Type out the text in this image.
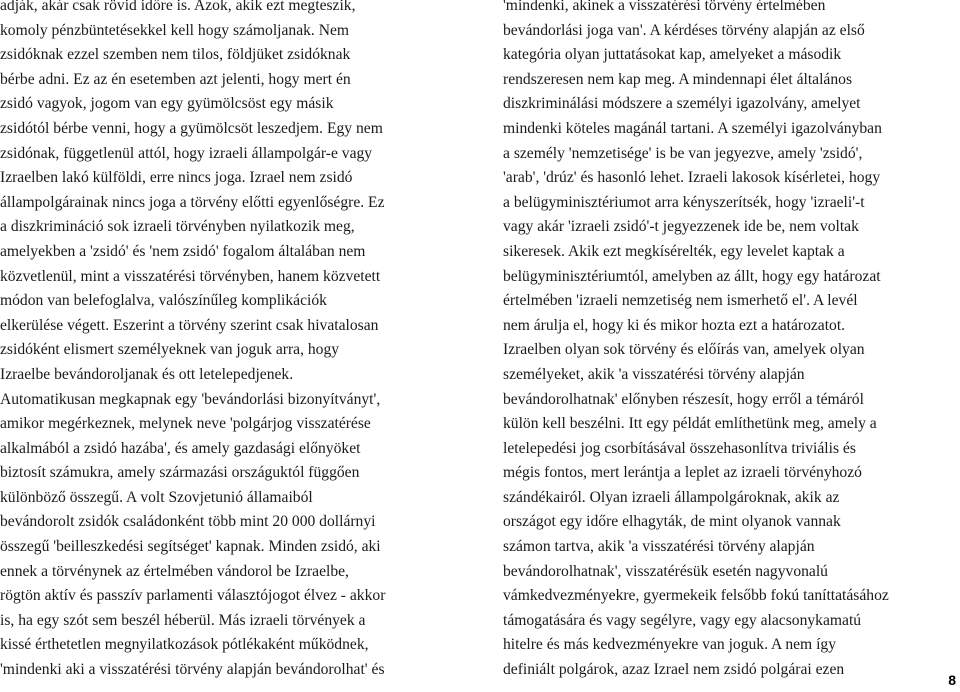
adják, akár csak rövid időre is. Azok, akik ezt megteszik,
komoly pénzbüntetésekkel kell hogy számoljanak. Nem
zsidóknak ezzel szemben nem tilos, földjüket zsidóknak
bérbe adni. Ez az én esetemben azt jelenti, hogy mert én
zsidó vagyok, jogom van egy gyümölcsöst egy másik
zsidótól bérbe venni, hogy a gyümölcsöt leszedjem. Egy nem
zsidónak, függetlenül attól, hogy izraeli állampolgár-e vagy
Izraelben lakó külföldi, erre nincs joga. Izrael nem zsidó
állampolgárainak nincs joga a törvény előtti egyenlőségre. Ez
a diszkrimináció sok izraeli törvényben nyilatkozik meg,
amelyekben a 'zsidó' és 'nem zsidó' fogalom általában nem
közvetlenül, mint a visszatérési törvényben, hanem közvetett
módon van belefoglalva, valószínűleg komplikációk
elkerülése végett. Eszerint a törvény szerint csak hivatalosan
zsidóként elismert személyeknek van joguk arra, hogy
Izraelbe bevándoroljanak és ott letelepedjenek.
Automatikusan megkapnak egy 'bevándorlási bizonyítványt',
amikor megérkeznek, melynek neve 'polgárjog visszatérése
alkalmából a zsidó hazába', és amely gazdasági előnyöket
biztosít számukra, amely származási országuktól függően
különböző összegű. A volt Szovjetunió államaiból
bevándorolt zsidók családonként több mint 20 000 dollárnyi
összegű 'beilleszkedési segítséget' kapnak. Minden zsidó, aki
ennek a törvénynek az értelmében vándorol be Izraelbe,
rögtön aktív és passzív parlamenti választójogot élvez - akkor
is, ha egy szót sem beszél héberül. Más izraeli törvények a
kissé érthetetlen megnyilatkozások pótlékaként működnek,
'mindenki aki a visszatérési törvény alapján bevándorolhat' és
'mindenki, akinek a visszatérési törvény értelmében
bevándorlási joga van'. A kérdéses törvény alapján az első
kategória olyan juttatásokat kap, amelyeket a második
rendszeresen nem kap meg. A mindennapi élet általános
diszkriminálási módszere a személyi igazolvány, amelyet
mindenki köteles magánál tartani. A személyi igazolványban
a személy 'nemzetisége' is be van jegyezve, amely 'zsidó',
'arab', 'drúz' és hasonló lehet. Izraeli lakosok kísérletei, hogy
a belügyminisztériumot arra kényszerítsék, hogy 'izraeli'-t
vagy akár 'izraeli zsidó'-t jegyezzenek ide be, nem voltak
sikeresek. Akik ezt megkísérelték, egy levelet kaptak a
belügyminisztériumtól, amelyben az állt, hogy egy határozat
értelmében 'izraeli nemzetiség nem ismerhető el'. A levél
nem árulja el, hogy ki és mikor hozta ezt a határozatot.
Izraelben olyan sok törvény és előírás van, amelyek olyan
személyeket, akik 'a visszatérési törvény alapján
bevándorolhatnak' előnyben részesít, hogy erről a témáról
külön kell beszélni. Itt egy példát említhetünk meg, amely a
letelepedési jog csorbításával összehasonlítva triviális és
mégis fontos, mert lerántja a leplet az izraeli törvényhozó
szándékairól. Olyan izraeli állampolgároknak, akik az
országot egy időre elhagyták, de mint olyanok vannak
számon tartva, akik 'a visszatérési törvény alapján
bevándorolhatnak', visszatérésük esetén nagyvonalú
vámkedvezményekre, gyermekeik felsőbb fokú taníttatásához
támogatására és vagy segélyre, vagy egy alacsonykamatú
hitelre és más kedvezményekre van joguk. A nem így
definiált polgárok, azaz Izrael nem zsidó polgárai ezen
8
